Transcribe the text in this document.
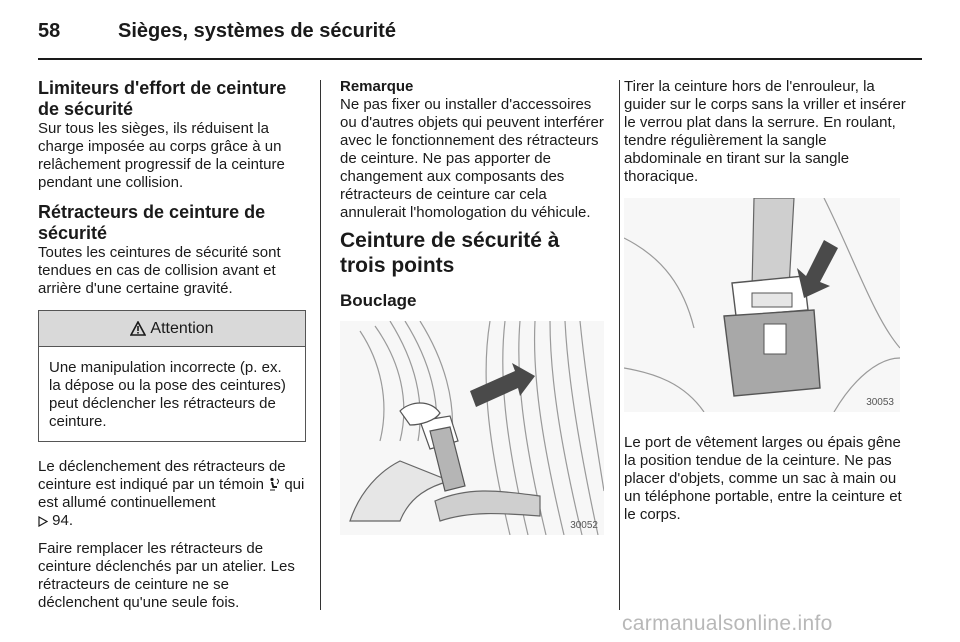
58	Sièges, systèmes de sécurité
Limiteurs d'effort de ceinture de sécurité
Sur tous les sièges, ils réduisent la charge imposée au corps grâce à un relâchement progressif de la ceinture pendant une collision.
Rétracteurs de ceinture de sécurité
Toutes les ceintures de sécurité sont tendues en cas de collision avant et arrière d'une certaine gravité.
Attention
Une manipulation incorrecte (p. ex. la dépose ou la pose des ceintures) peut déclencher les rétracteurs de ceinture.
Le déclenchement des rétracteurs de ceinture est indiqué par un témoin qui est allumé continuellement
94.
Faire remplacer les rétracteurs de ceinture déclenchés par un atelier. Les rétracteurs de ceinture ne se déclenchent qu'une seule fois.
Remarque
Ne pas fixer ou installer d'accessoires ou d'autres objets qui peuvent interférer avec le fonctionnement des rétracteurs de ceinture. Ne pas apporter de changement aux composants des rétracteurs de ceinture car cela annulerait l'homologation du véhicule.
Ceinture de sécurité à trois points
Bouclage
30052
Tirer la ceinture hors de l'enrouleur, la guider sur le corps sans la vriller et insérer le verrou plat dans la serrure. En roulant, tendre régulièrement la sangle abdominale en tirant sur la sangle thoracique.
30053
Le port de vêtement larges ou épais gêne la position tendue de la ceinture. Ne pas placer d'objets, comme un sac à main ou un téléphone portable, entre la ceinture et le corps.
carmanualsonline.info
